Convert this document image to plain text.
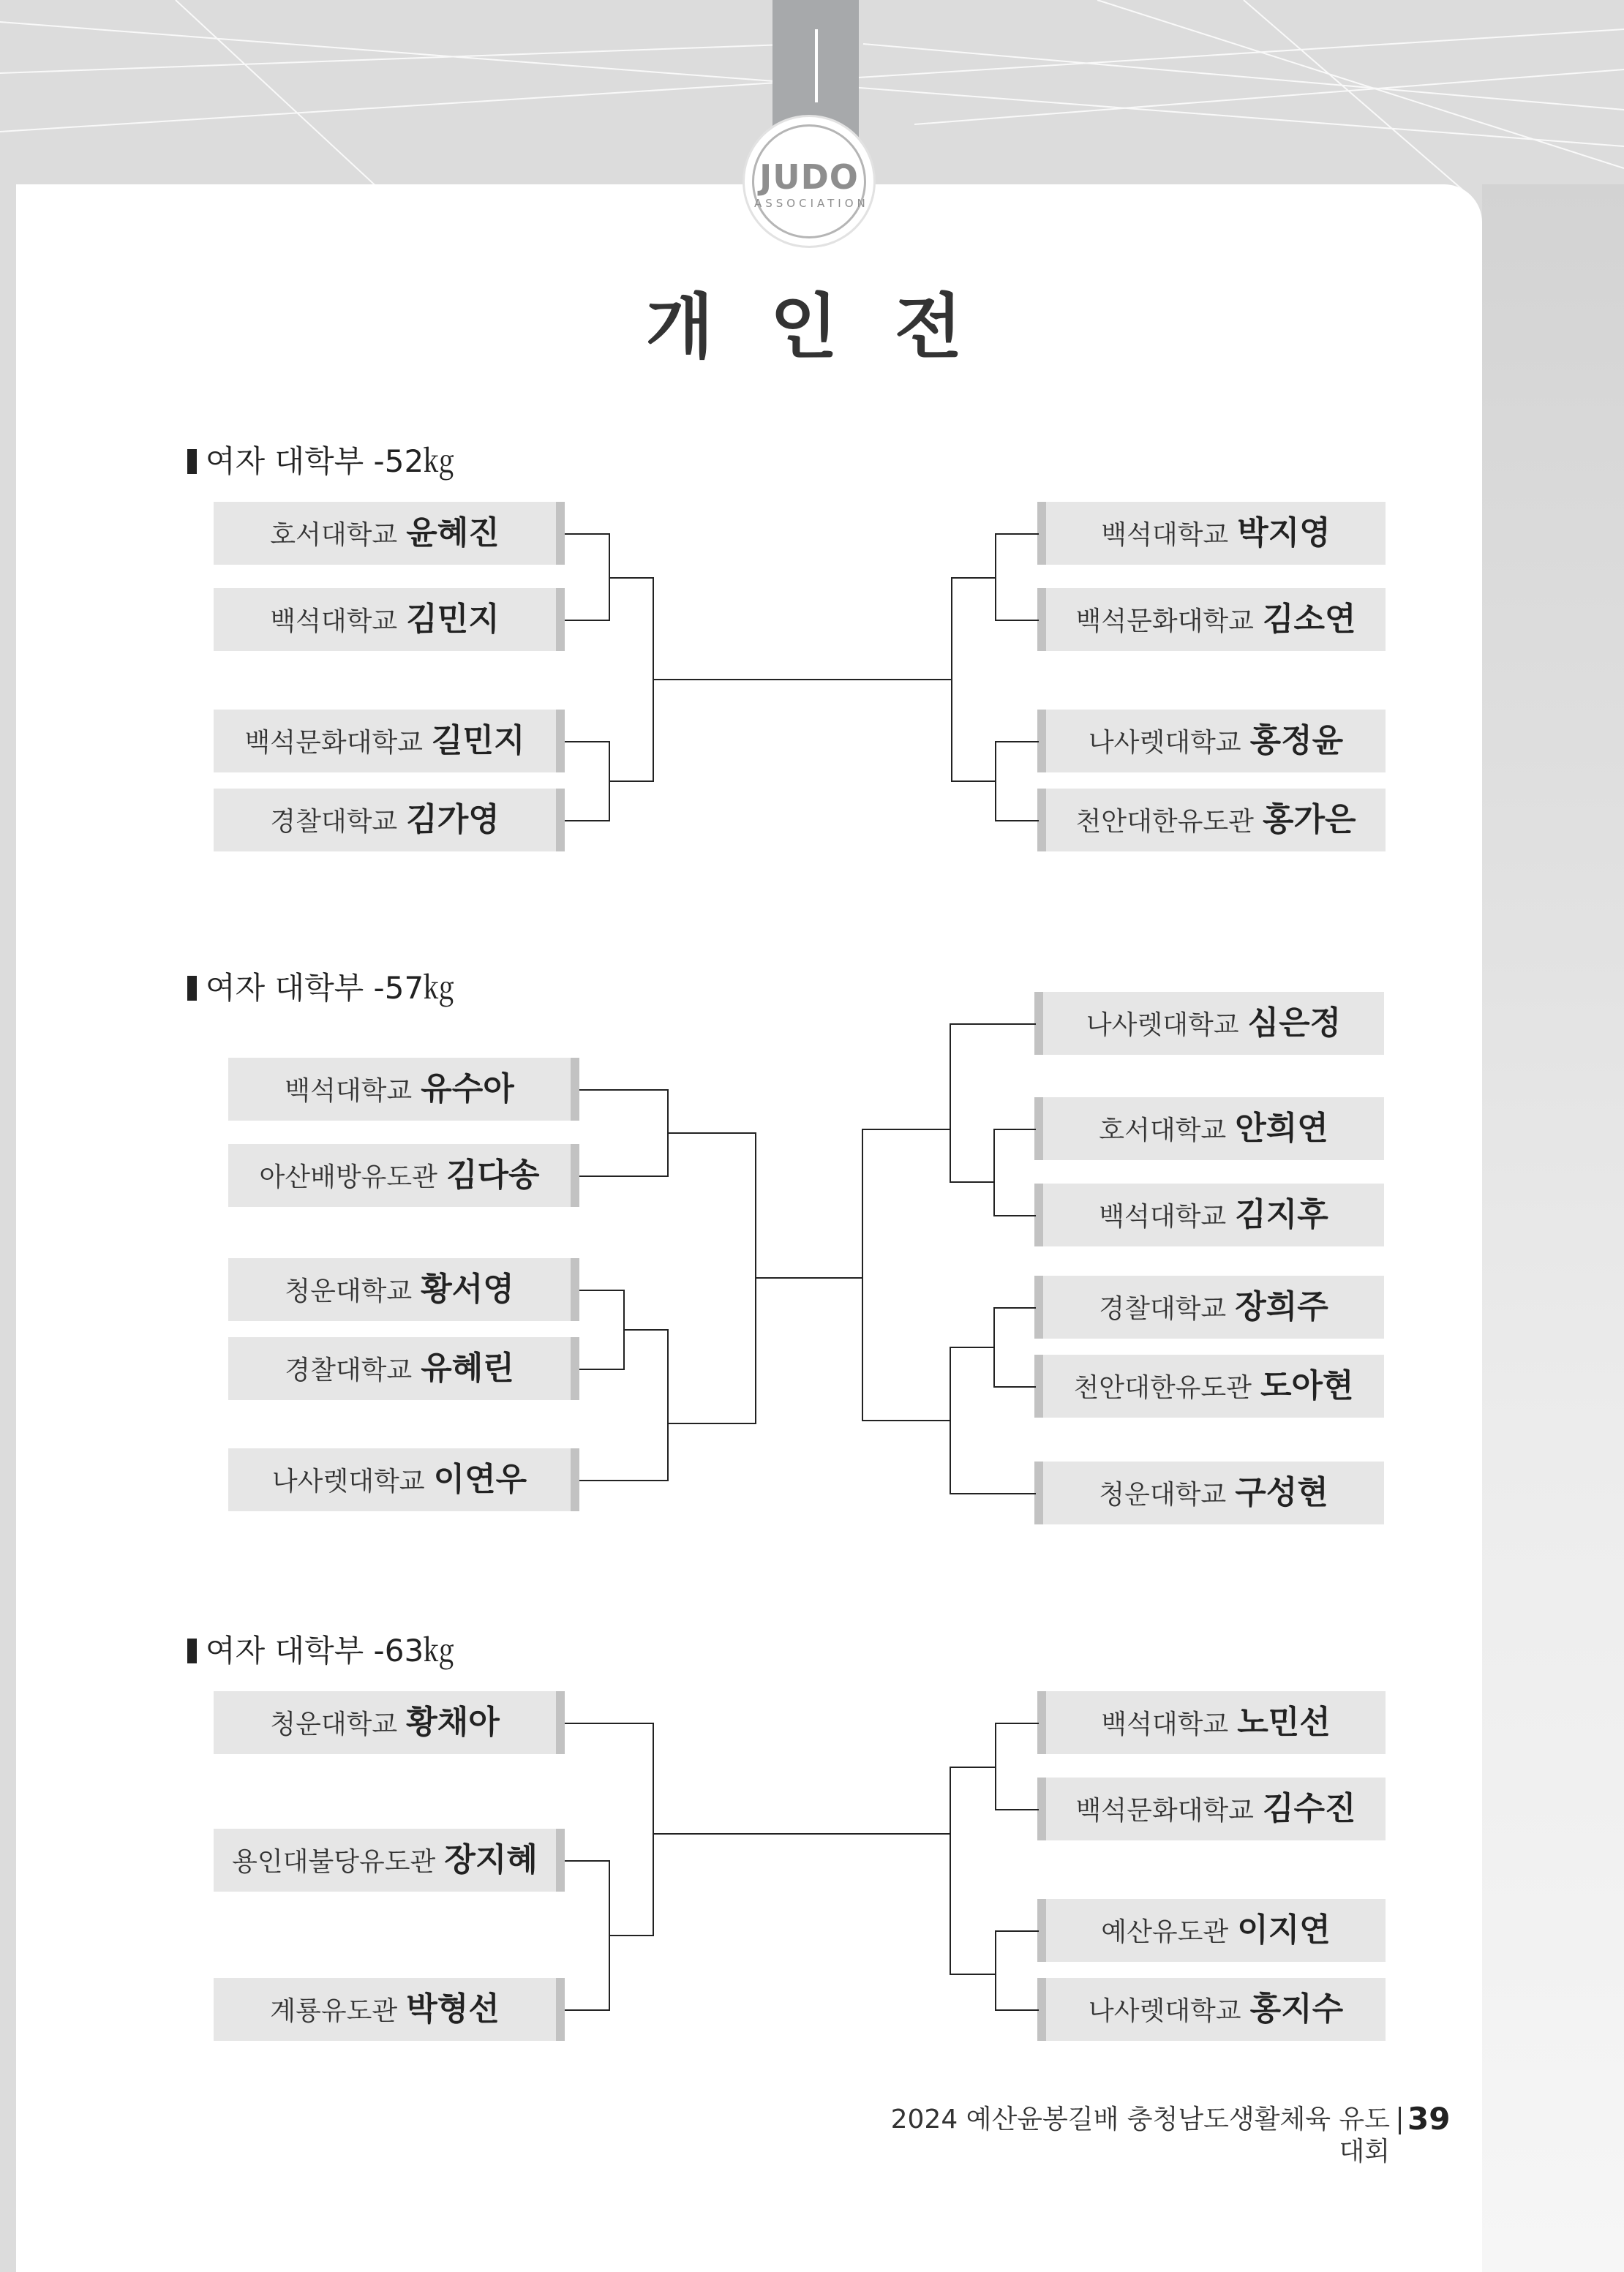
JUDO
ASSOCIATION
개 인 전
여자 대학부 -52㎏
호서대학교 윤혜진
백석대학교 김민지
백석문화대학교 길민지
경찰대학교 김가영
백석대학교 박지영
백석문화대학교 김소연
나사렛대학교 홍정윤
천안대한유도관 홍가은
여자 대학부 -57㎏
백석대학교 유수아
아산배방유도관 김다송
청운대학교 황서영
경찰대학교 유혜린
나사렛대학교 이연우
나사렛대학교 심은정
호서대학교 안희연
백석대학교 김지후
경찰대학교 장희주
천안대한유도관 도아현
청운대학교 구성현
여자 대학부 -63㎏
청운대학교 황채아
용인대불당유도관 장지혜
계룡유도관 박형선
백석대학교 노민선
백석문화대학교 김수진
예산유도관 이지연
나사렛대학교 홍지수
2024 예산윤봉길배 충청남도생활체육 유도대회
39
